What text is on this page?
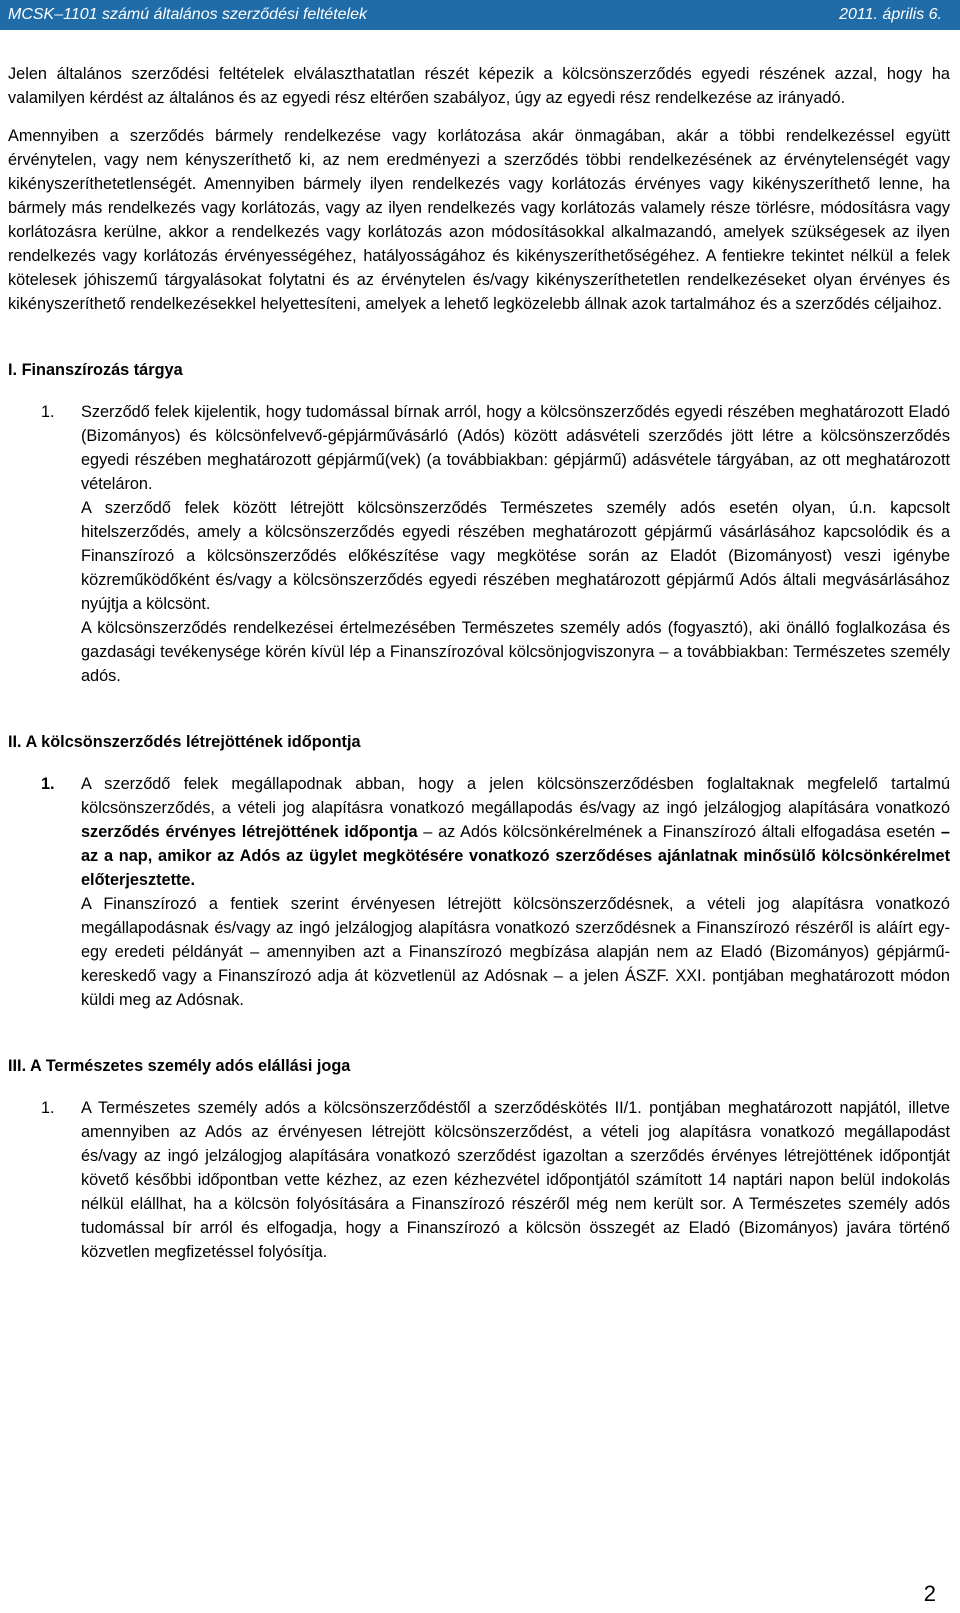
MCSK–1101 számú általános szerződési feltételek	2011. április 6.

Jelen általános szerződési feltételek elválaszthatatlan részét képezik a kölcsönszerződés egyedi részének azzal, hogy ha valamilyen kérdést az általános és az egyedi rész eltérően szabályoz, úgy az egyedi rész rendelkezése az irányadó.

Amennyiben a szerződés bármely rendelkezése vagy korlátozása akár önmagában, akár a többi rendelkezéssel együtt érvénytelen, vagy nem kényszeríthető ki, az nem eredményezi a szerződés többi rendelkezésének az érvénytelenségét vagy kikényszeríthetetlenségét. Amennyiben bármely ilyen rendelkezés vagy korlátozás érvényes vagy kikényszeríthető lenne, ha bármely más rendelkezés vagy korlátozás, vagy az ilyen rendelkezés vagy korlátozás valamely része törlésre, módosításra vagy korlátozásra kerülne, akkor a rendelkezés vagy korlátozás azon módosításokkal alkalmazandó, amelyek szükségesek az ilyen rendelkezés vagy korlátozás érvényességéhez, hatályosságához és kikényszeríthetőségéhez. A fentiekre tekintet nélkül a felek kötelesek jóhiszemű tárgyalásokat folytatni és az érvénytelen és/vagy kikényszeríthetetlen rendelkezéseket olyan érvényes és kikényszeríthető rendelkezésekkel helyettesíteni, amelyek a lehető legközelebb állnak azok tartalmához és a szerződés céljaihoz.

I. Finanszírozás tárgya
1.	Szerződő felek kijelentik, hogy tudomással bírnak arról, hogy a kölcsönszerződés egyedi részében meghatározott Eladó (Bizományos) és kölcsönfelvevő-gépjárművásárló (Adós) között adásvételi szerződés jött létre a kölcsönszerződés egyedi részében meghatározott gépjármű(vek) (a továbbiakban: gépjármű) adásvétele tárgyában, az ott meghatározott vételáron.

A szerződő felek között létrejött kölcsönszerződés Természetes személy adós esetén olyan, ú.n. kapcsolt hitelszerződés, amely a kölcsönszerződés egyedi részében meghatározott gépjármű vásárlásához kapcsolódik és a Finanszírozó a kölcsönszerződés előkészítése vagy megkötése során az Eladót (Bizományost) veszi igénybe közreműködőként és/vagy a kölcsönszerződés egyedi részében meghatározott gépjármű Adós általi megvásárlásához nyújtja a kölcsönt.

A kölcsönszerződés rendelkezései értelmezésében Természetes személy adós (fogyasztó), aki önálló foglalkozása és gazdasági tevékenysége körén kívül lép a Finanszírozóval kölcsönjogviszonyra – a továbbiakban: Természetes személy adós.

II. A kölcsönszerződés létrejöttének időpontja
1.	A szerződő felek megállapodnak abban, hogy a jelen kölcsönszerződésben foglaltaknak megfelelő tartalmú kölcsönszerződés, a vételi jog alapításra vonatkozó megállapodás és/vagy az ingó jelzálogjog alapítására vonatkozó szerződés érvényes létrejöttének időpontja – az Adós kölcsönkérelmének a Finanszírozó általi elfogadása esetén – az a nap, amikor az Adós az ügylet megkötésére vonatkozó szerződéses ajánlatnak minősülő kölcsönkérelmet előterjesztette.

A Finanszírozó a fentiek szerint érvényesen létrejött kölcsönszerződésnek, a vételi jog alapításra vonatkozó megállapodásnak és/vagy az ingó jelzálogjog alapításra vonatkozó szerződésnek a Finanszírozó részéről is aláírt egy-egy eredeti példányát – amennyiben azt a Finanszírozó megbízása alapján nem az Eladó (Bizományos) gépjármű-kereskedő vagy a Finanszírozó adja át közvetlenül az Adósnak – a jelen ÁSZF. XXI. pontjában meghatározott módon küldi meg az Adósnak.

III. A Természetes személy adós elállási joga
1.	A Természetes személy adós a kölcsönszerződéstől a szerződéskötés II/1. pontjában meghatározott napjától, illetve amennyiben az Adós az érvényesen létrejött kölcsönszerződést, a vételi jog alapításra vonatkozó megállapodást és/vagy az ingó jelzálogjog alapítására vonatkozó szerződést igazoltan a szerződés érvényes létrejöttének időpontját követő későbbi időpontban vette kézhez, az ezen kézhezvétel időpontjától számított 14 naptári napon belül indokolás nélkül elállhat, ha a kölcsön folyósítására a Finanszírozó részéről még nem került sor. A Természetes személy adós tudomással bír arról és elfogadja, hogy a Finanszírozó a kölcsön összegét az Eladó (Bizományos) javára történő közvetlen megfizetéssel folyósítja.

2
